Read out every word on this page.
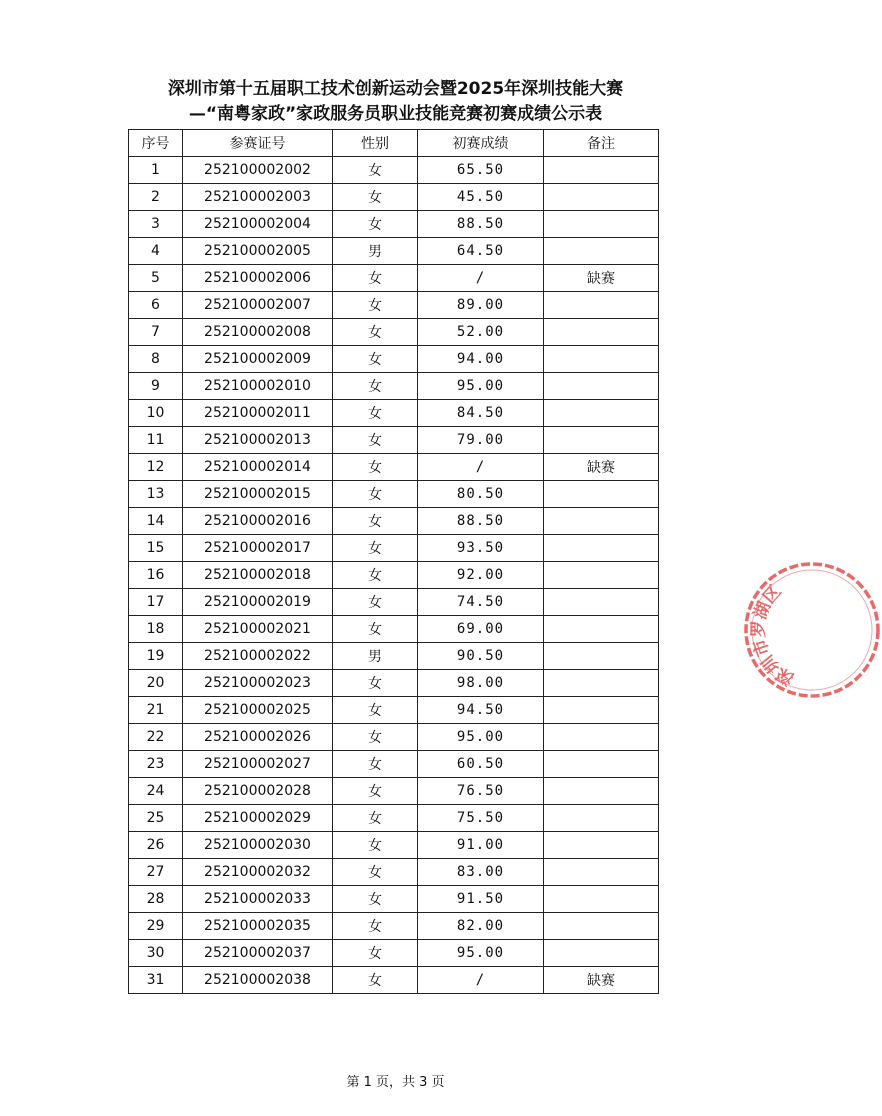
深圳市第十五届职工技术创新运动会暨2025年深圳技能大赛
—“南粤家政”家政服务员职业技能竞赛初赛成绩公示表
序号	参赛证号	性别	初赛成绩	备注
1	252100002002	女	65.50	
2	252100002003	女	45.50	
3	252100002004	女	88.50	
4	252100002005	男	64.50	
5	252100002006	女	/	缺赛
6	252100002007	女	89.00	
7	252100002008	女	52.00	
8	252100002009	女	94.00	
9	252100002010	女	95.00	
10	252100002011	女	84.50	
11	252100002013	女	79.00	
12	252100002014	女	/	缺赛
13	252100002015	女	80.50	
14	252100002016	女	88.50	
15	252100002017	女	93.50	
16	252100002018	女	92.00	
17	252100002019	女	74.50	
18	252100002021	女	69.00	
19	252100002022	男	90.50	
20	252100002023	女	98.00	
21	252100002025	女	94.50	
22	252100002026	女	95.00	
23	252100002027	女	60.50	
24	252100002028	女	76.50	
25	252100002029	女	75.50	
26	252100002030	女	91.00	
27	252100002032	女	83.00	
28	252100002033	女	91.50	
29	252100002035	女	82.00	
30	252100002037	女	95.00	
31	252100002038	女	/	缺赛
深圳市罗湖区
第 1 页，共 3 页
